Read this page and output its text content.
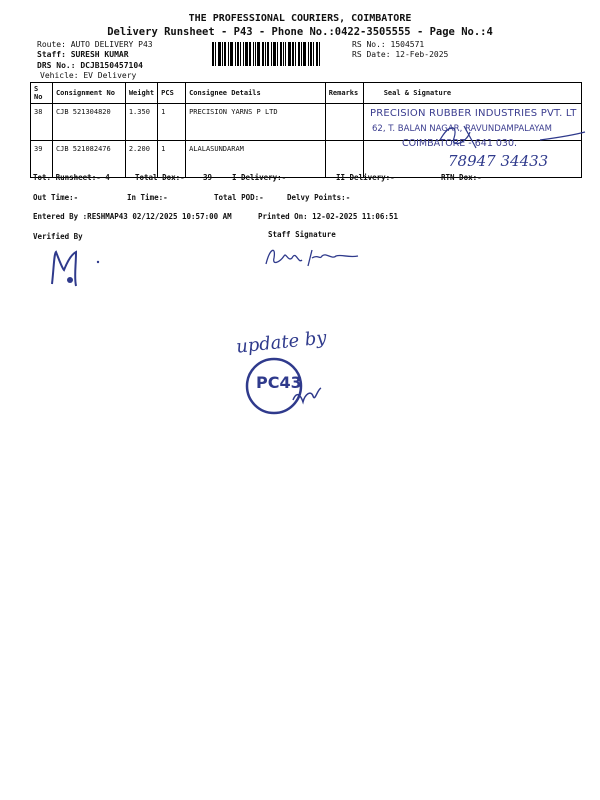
THE PROFESSIONAL COURIERS, COIMBATORE
Delivery Runsheet - P43 - Phone No.:0422-3505555 - Page No.:4
Route: AUTO DELIVERY P43
Staff: SURESH KUMAR
DRS No.: DCJB150457104
Vehicle: EV Delivery
RS No.: 1504571
RS Date: 12-Feb-2025
S No	Consignment No	Weight	PCS	Consignee Details	Remarks	Seal & Signature
38	CJB 521304820	1.350	1	PRECISION YARNS P LTD		
39	CJB 521082476	2.200	1	ALALASUNDARAM		
PRECISION RUBBER INDUSTRIES PVT. LT
62, T. BALAN NAGAR, RAVUNDAMPALAYAM
COIMBATORE - 641 030.
78947 34433
Tot. Runsheet:- 4	Total Dox:- 39	I Delivery:-	II Delivery:-	RTN Dox:-
Out Time:-	In Time:-	Total POD:-	Delvy Points:-
Entered By :RESHMAP43 02/12/2025 10:57:00 AM	Printed On: 12-02-2025 11:06:51
Verified By	Staff Signature
update by
PC43
